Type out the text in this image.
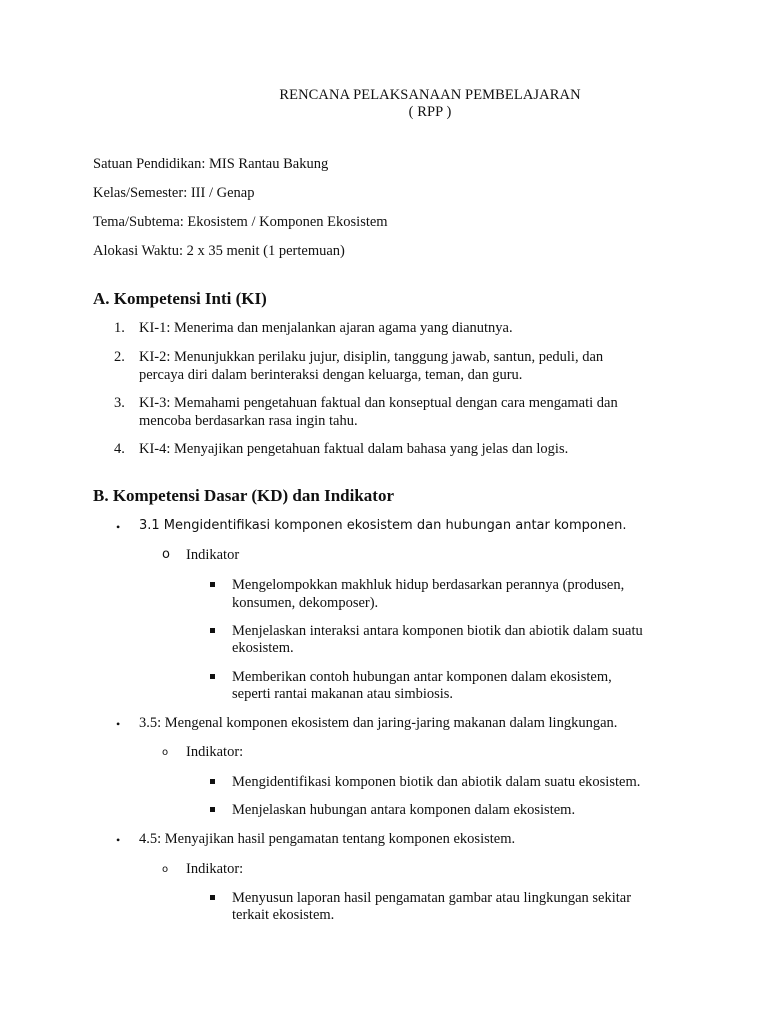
RENCANA PELAKSANAAN PEMBELAJARAN
( RPP )
Satuan Pendidikan: MIS Rantau Bakung
Kelas/Semester: III / Genap
Tema/Subtema: Ekosistem / Komponen Ekosistem
Alokasi Waktu: 2 x 35 menit (1 pertemuan)
A. Kompetensi Inti (KI)
1. KI-1: Menerima dan menjalankan ajaran agama yang dianutnya.
2. KI-2: Menunjukkan perilaku jujur, disiplin, tanggung jawab, santun, peduli, dan
percaya diri dalam berinteraksi dengan keluarga, teman, dan guru.
3. KI-3: Memahami pengetahuan faktual dan konseptual dengan cara mengamati dan
mencoba berdasarkan rasa ingin tahu.
4. KI-4: Menyajikan pengetahuan faktual dalam bahasa yang jelas dan logis.
B. Kompetensi Dasar (KD) dan Indikator
• 3.1 Mengidentifikasi komponen ekosistem dan hubungan antar komponen.
o Indikator
Mengelompokkan makhluk hidup berdasarkan perannya (produsen,
konsumen, dekomposer).
Menjelaskan interaksi antara komponen biotik dan abiotik dalam suatu
ekosistem.
Memberikan contoh hubungan antar komponen dalam ekosistem,
seperti rantai makanan atau simbiosis.
• 3.5: Mengenal komponen ekosistem dan jaring-jaring makanan dalam lingkungan.
o Indikator:
Mengidentifikasi komponen biotik dan abiotik dalam suatu ekosistem.
Menjelaskan hubungan antara komponen dalam ekosistem.
• 4.5: Menyajikan hasil pengamatan tentang komponen ekosistem.
o Indikator:
Menyusun laporan hasil pengamatan gambar atau lingkungan sekitar
terkait ekosistem.
